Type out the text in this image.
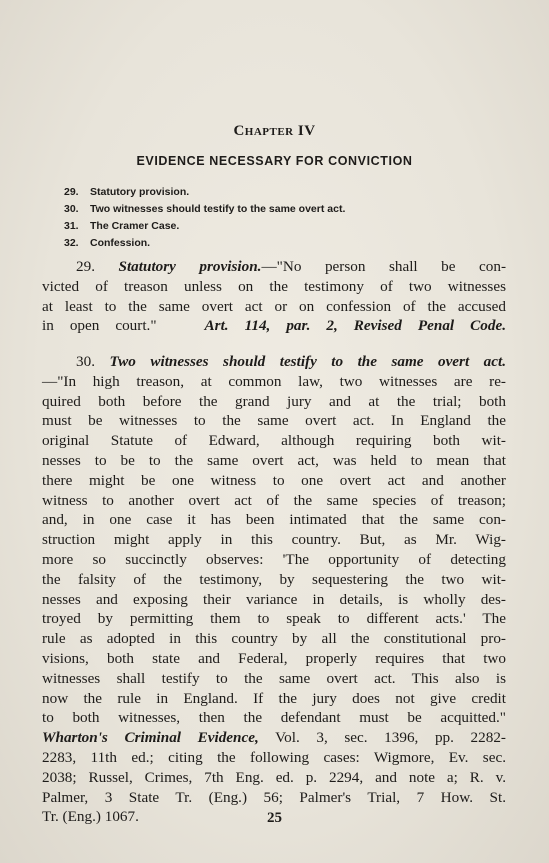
Chapter IV
EVIDENCE NECESSARY FOR CONVICTION
29. Statutory provision.
30. Two witnesses should testify to the same overt act.
31. The Cramer Case.
32. Confession.
29. Statutory provision.—"No person shall be con-
victed of treason unless on the testimony of two witnesses
at least to the same overt act or on confession of the accused
in open court."	Art. 114, par. 2, Revised Penal Code.
30. Two witnesses should testify to the same overt act.
—"In high treason, at common law, two witnesses are re-
quired both before the grand jury and at the trial; both
must be witnesses to the same overt act. In England the
original Statute of Edward, although requiring both wit-
nesses to be to the same overt act, was held to mean that
there might be one witness to one overt act and another
witness to another overt act of the same species of treason;
and, in one case it has been intimated that the same con-
struction might apply in this country. But, as Mr. Wig-
more so succinctly observes: 'The opportunity of detecting
the falsity of the testimony, by sequestering the two wit-
nesses and exposing their variance in details, is wholly des-
troyed by permitting them to speak to different acts.' The
rule as adopted in this country by all the constitutional pro-
visions, both state and Federal, properly requires that two
witnesses shall testify to the same overt act. This also is
now the rule in England. If the jury does not give credit
to both witnesses, then the defendant must be acquitted."
Wharton's Criminal Evidence, Vol. 3, sec. 1396, pp. 2282-
2283, 11th ed.; citing the following cases: Wigmore, Ev. sec.
2038; Russel, Crimes, 7th Eng. ed. p. 2294, and note a; R. v.
Palmer, 3 State Tr. (Eng.) 56; Palmer's Trial, 7 How. St.
Tr. (Eng.) 1067.	25
